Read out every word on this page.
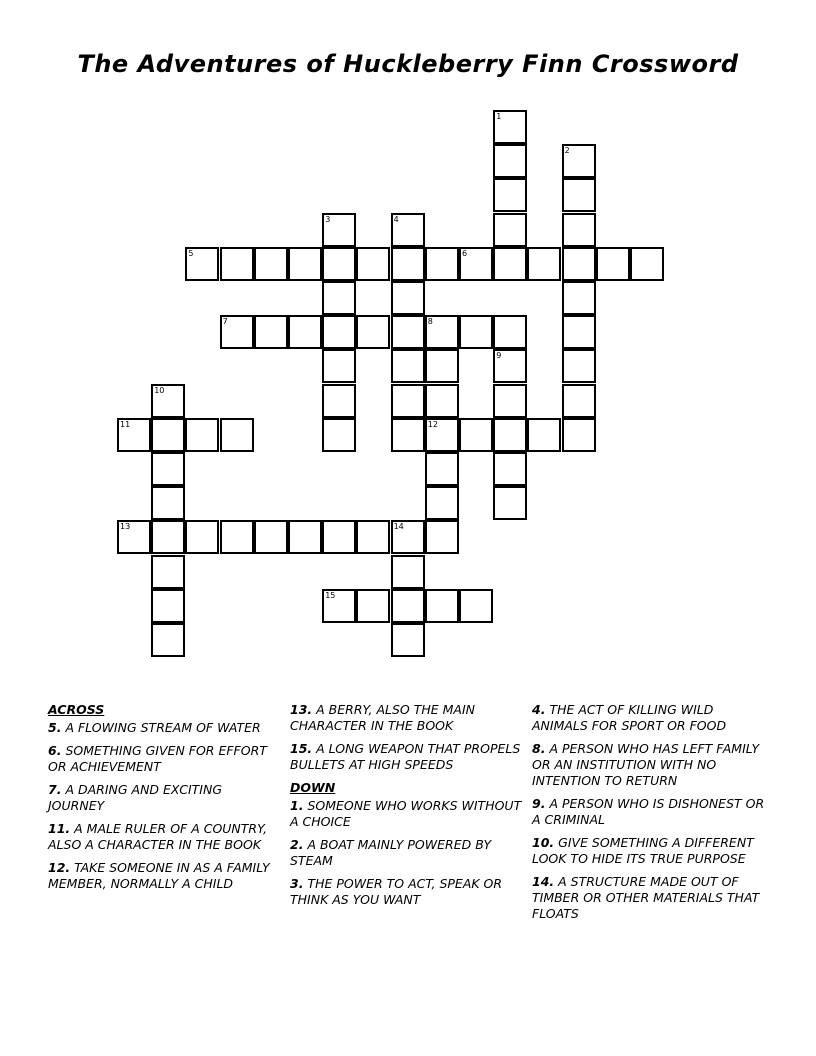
The Adventures of Huckleberry Finn Crossword
1
2
3	4
5	6
7	8
12
9
10
11
13	14
15
ACROSS
5. A FLOWING STREAM OF WATER
6. SOMETHING GIVEN FOR EFFORT OR ACHIEVEMENT
7. A DARING AND EXCITING JOURNEY
11. A MALE RULER OF A COUNTRY, ALSO A CHARACTER IN THE BOOK
12. TAKE SOMEONE IN AS A FAMILY MEMBER, NORMALLY A CHILD
13. A BERRY, ALSO THE MAIN CHARACTER IN THE BOOK
15. A LONG WEAPON THAT PROPELS BULLETS AT HIGH SPEEDS
DOWN
1. SOMEONE WHO WORKS WITHOUT A CHOICE
2. A BOAT MAINLY POWERED BY STEAM
3. THE POWER TO ACT, SPEAK OR THINK AS YOU WANT
4. THE ACT OF KILLING WILD ANIMALS FOR SPORT OR FOOD
8. A PERSON WHO HAS LEFT FAMILY OR AN INSTITUTION WITH NO INTENTION TO RETURN
9. A PERSON WHO IS DISHONEST OR A CRIMINAL
10. GIVE SOMETHING A DIFFERENT LOOK TO HIDE ITS TRUE PURPOSE
14. A STRUCTURE MADE OUT OF TIMBER OR OTHER MATERIALS THAT FLOATS
